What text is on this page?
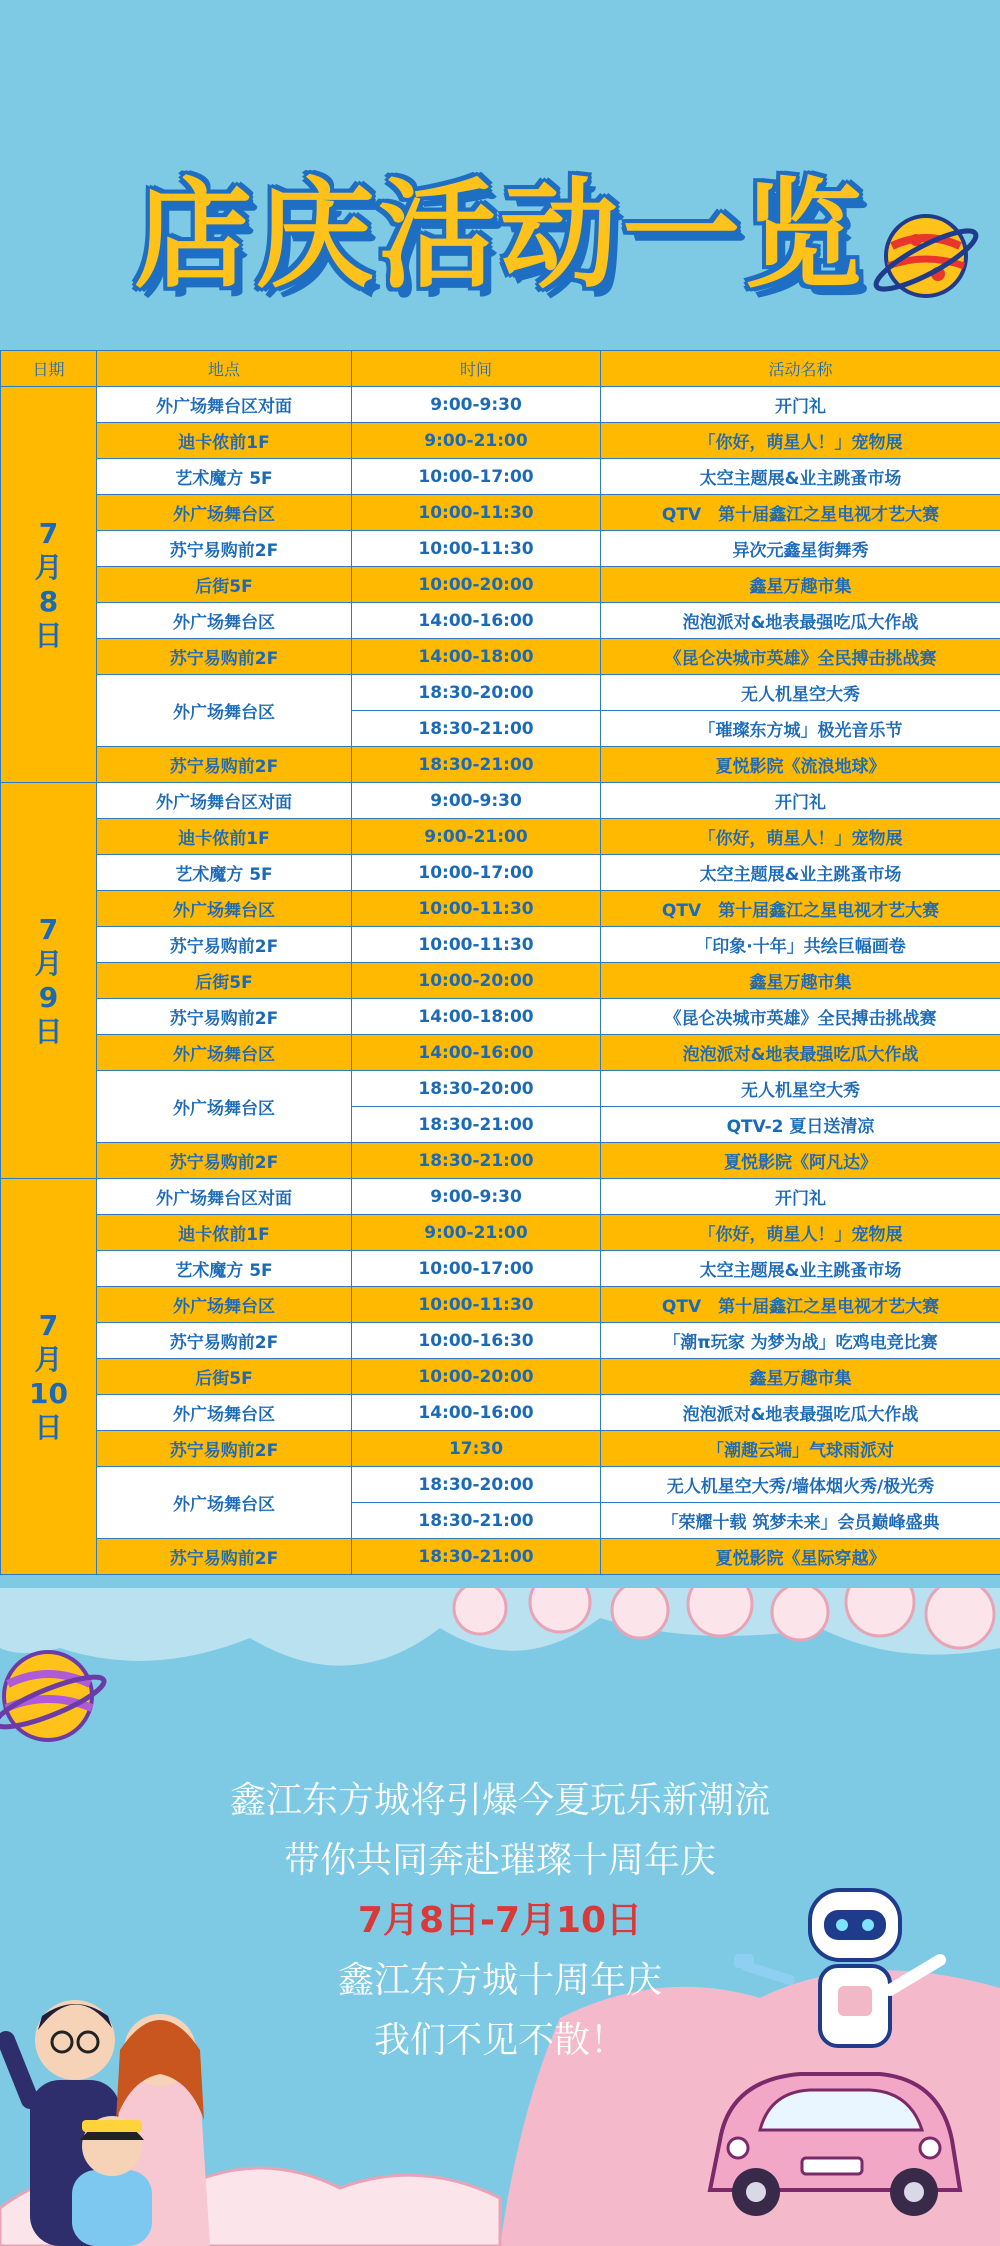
店庆活动一览
日期	地点	时间	活动名称

7
月
8
日	外广场舞台区对面	9:00-9:30	开门礼
	迪卡侬前1F	9:00-21:00	「你好，萌星人！」宠物展
	艺术魔方 5F	10:00-17:00	太空主题展&业主跳蚤市场
	外广场舞台区	10:00-11:30	QTV　第十届鑫江之星电视才艺大赛
	苏宁易购前2F	10:00-11:30	异次元鑫星街舞秀
	后街5F	10:00-20:00	鑫星万趣市集
	外广场舞台区	14:00-16:00	泡泡派对&地表最强吃瓜大作战
	苏宁易购前2F	14:00-18:00	《昆仑决城市英雄》全民搏击挑战赛
	外广场舞台区	18:30-20:00	无人机星空大秀
		18:30-21:00	「璀璨东方城」极光音乐节
	苏宁易购前2F	18:30-21:00	夏悦影院《流浪地球》

7
月
9
日	外广场舞台区对面	9:00-9:30	开门礼
	迪卡侬前1F	9:00-21:00	「你好，萌星人！」宠物展
	艺术魔方 5F	10:00-17:00	太空主题展&业主跳蚤市场
	外广场舞台区	10:00-11:30	QTV　第十届鑫江之星电视才艺大赛
	苏宁易购前2F	10:00-11:30	「印象·十年」共绘巨幅画卷
	后街5F	10:00-20:00	鑫星万趣市集
	苏宁易购前2F	14:00-18:00	《昆仑决城市英雄》全民搏击挑战赛
	外广场舞台区	14:00-16:00	泡泡派对&地表最强吃瓜大作战
	外广场舞台区	18:30-20:00	无人机星空大秀
		18:30-21:00	QTV-2 夏日送清凉
	苏宁易购前2F	18:30-21:00	夏悦影院《阿凡达》

7
月
10
日	外广场舞台区对面	9:00-9:30	开门礼
	迪卡侬前1F	9:00-21:00	「你好，萌星人！」宠物展
	艺术魔方 5F	10:00-17:00	太空主题展&业主跳蚤市场
	外广场舞台区	10:00-11:30	QTV　第十届鑫江之星电视才艺大赛
	苏宁易购前2F	10:00-16:30	「潮π玩家 为梦为战」吃鸡电竞比赛
	后街5F	10:00-20:00	鑫星万趣市集
	外广场舞台区	14:00-16:00	泡泡派对&地表最强吃瓜大作战
	苏宁易购前2F	17:30	「潮趣云端」气球雨派对
	外广场舞台区	18:30-20:00	无人机星空大秀/墙体烟火秀/极光秀
		18:30-21:00	「荣耀十载 筑梦未来」会员巅峰盛典
	苏宁易购前2F	18:30-21:00	夏悦影院《星际穿越》
鑫江东方城将引爆今夏玩乐新潮流
带你共同奔赴璀璨十周年庆
7月8日-7月10日
鑫江东方城十周年庆
我们不见不散！
